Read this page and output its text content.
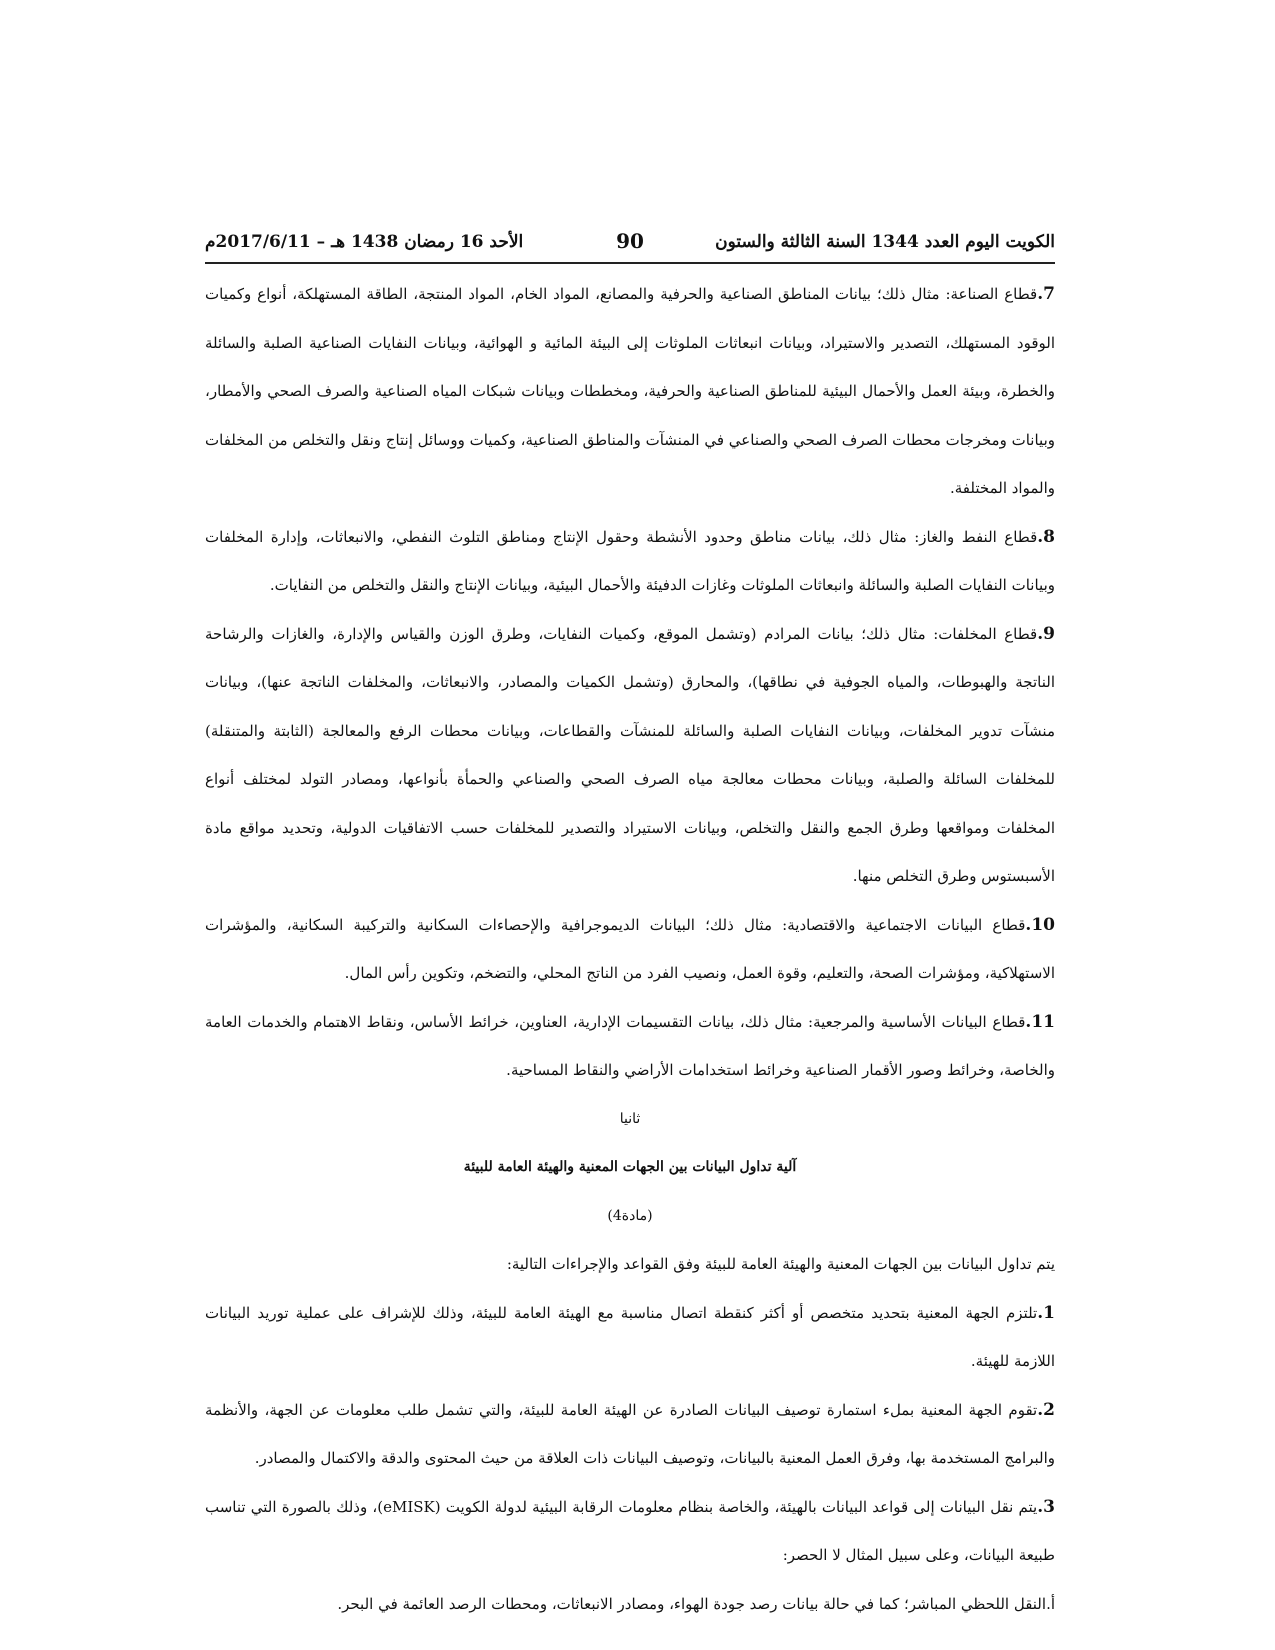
الكويت اليوم العدد 1344 السنة الثالثة والستون
90
الأحد 16 رمضان 1438 هـ – 2017/6/11م

7.قطاع الصناعة: مثال ذلك؛ بيانات المناطق الصناعية والحرفية والمصانع، المواد الخام، المواد المنتجة، الطاقة المستهلكة، أنواع وكميات الوقود المستهلك، التصدير والاستيراد، وبيانات انبعاثات الملوثات إلى البيئة المائية و الهوائية، وبيانات النفايات الصناعية الصلبة والسائلة والخطرة، وبيئة العمل والأحمال البيئية للمناطق الصناعية والحرفية، ومخططات وبيانات شبكات المياه الصناعية والصرف الصحي والأمطار، وبيانات ومخرجات محطات الصرف الصحي والصناعي في المنشآت والمناطق الصناعية، وكميات ووسائل إنتاج ونقل والتخلص من المخلفات والمواد المختلفة.

8.قطاع النفط والغاز: مثال ذلك، بيانات مناطق وحدود الأنشطة وحقول الإنتاج ومناطق التلوث النفطي، والانبعاثات، وإدارة المخلفات وبيانات النفايات الصلبة والسائلة وانبعاثات الملوثات وغازات الدفيئة والأحمال البيئية، وبيانات الإنتاج والنقل والتخلص من النفايات.

9.قطاع المخلفات: مثال ذلك؛ بيانات المرادم (وتشمل الموقع، وكميات النفايات، وطرق الوزن والقياس والإدارة، والغازات والرشاحة الناتجة والهبوطات، والمياه الجوفية في نطاقها)، والمحارق (وتشمل الكميات والمصادر، والانبعاثات، والمخلفات الناتجة عنها)، وبيانات منشآت تدوير المخلفات، وبيانات النفايات الصلبة والسائلة للمنشآت والقطاعات، وبيانات محطات الرفع والمعالجة (الثابتة والمتنقلة) للمخلفات السائلة والصلبة، وبيانات محطات معالجة مياه الصرف الصحي والصناعي والحمأة بأنواعها، ومصادر التولد لمختلف أنواع المخلفات ومواقعها وطرق الجمع والنقل والتخلص، وبيانات الاستيراد والتصدير للمخلفات حسب الاتفاقيات الدولية، وتحديد مواقع مادة الأسبستوس وطرق التخلص منها.

10.قطاع البيانات الاجتماعية والاقتصادية: مثال ذلك؛ البيانات الديموجرافية والإحصاءات السكانية والتركيبة السكانية، والمؤشرات الاستهلاكية، ومؤشرات الصحة، والتعليم، وقوة العمل، ونصيب الفرد من الناتج المحلي، والتضخم، وتكوين رأس المال.

11.قطاع البيانات الأساسية والمرجعية: مثال ذلك، بيانات التقسيمات الإدارية، العناوين، خرائط الأساس، ونقاط الاهتمام والخدمات العامة والخاصة، وخرائط وصور الأقمار الصناعية وخرائط استخدامات الأراضي والنقاط المساحية.

ثانيا

آلية تداول البيانات بين الجهات المعنية والهيئة العامة للبيئة

(مادة4)

يتم تداول البيانات بين الجهات المعنية والهيئة العامة للبيئة وفق القواعد والإجراءات التالية:

1.تلتزم الجهة المعنية بتحديد متخصص أو أكثر كنقطة اتصال مناسبة مع الهيئة العامة للبيئة، وذلك للإشراف على عملية توريد البيانات اللازمة للهيئة.

2.تقوم الجهة المعنية بملء استمارة توصيف البيانات الصادرة عن الهيئة العامة للبيئة، والتي تشمل طلب معلومات عن الجهة، والأنظمة والبرامج المستخدمة بها، وفرق العمل المعنية بالبيانات، وتوصيف البيانات ذات العلاقة من حيث المحتوى والدقة والاكتمال والمصادر.

3.يتم نقل البيانات إلى قواعد البيانات بالهيئة، والخاصة بنظام معلومات الرقابة البيئية لدولة الكويت (eMISK)، وذلك بالصورة التي تناسب طبيعة البيانات، وعلى سبيل المثال لا الحصر:

أ.النقل اللحظي المباشر؛ كما في حالة بيانات رصد جودة الهواء، ومصادر الانبعاثات، ومحطات الرصد العائمة في البحر.
